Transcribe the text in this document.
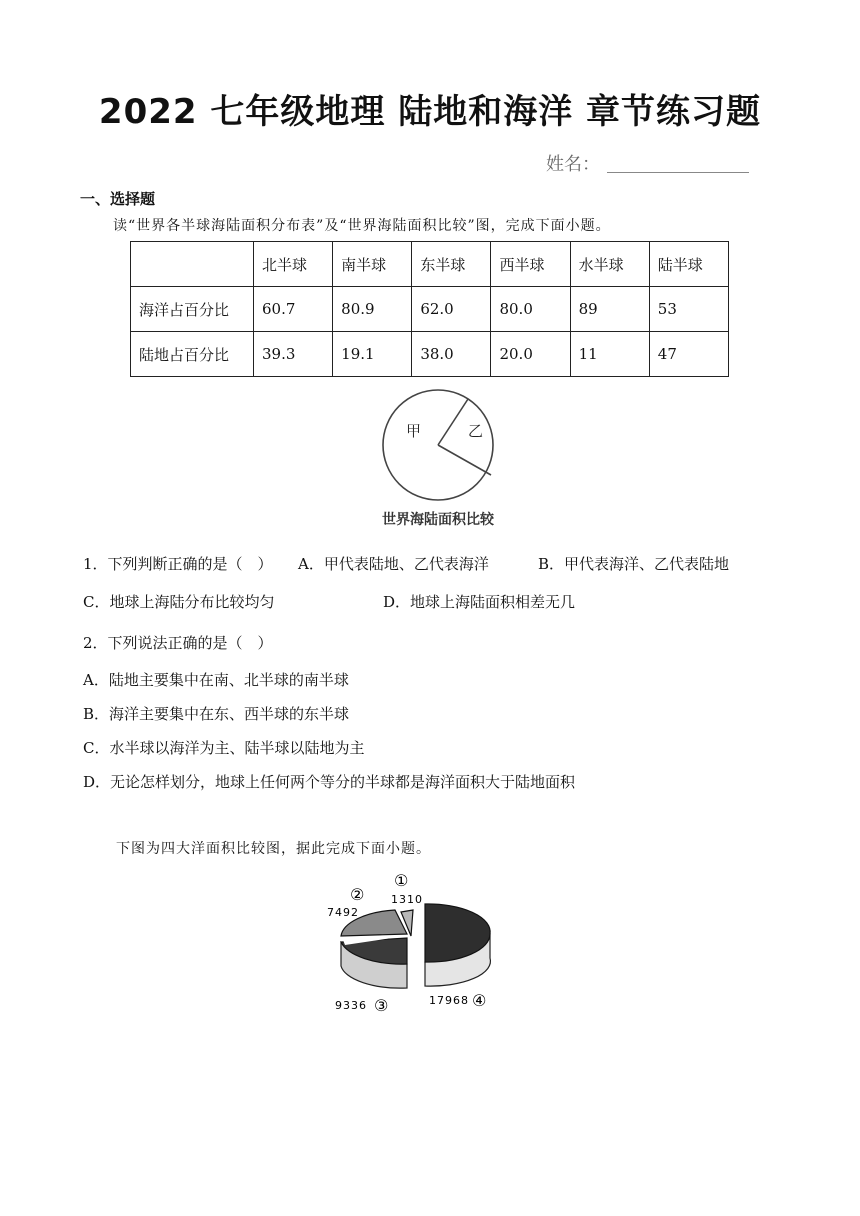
2022 七年级地理 陆地和海洋 章节练习题
姓名：
一、选择题
读“世界各半球海陆面积分布表”及“世界海陆面积比较”图，完成下面小题。
	北半球	南半球	东半球	西半球	水半球	陆半球
海洋占百分比	60.7	80.9	62.0	80.0	89	53
陆地占百分比	39.3	19.1	38.0	20.0	11	47
甲	乙
世界海陆面积比较
1．下列判断正确的是（　） A．甲代表陆地、乙代表海洋	B．甲代表海洋、乙代表陆地
C．地球上海陆分布比较均匀	D．地球上海陆面积相差无几
2．下列说法正确的是（　）
A．陆地主要集中在南、北半球的南半球
B．海洋主要集中在东、西半球的东半球
C．水半球以海洋为主、陆半球以陆地为主
D．无论怎样划分，地球上任何两个等分的半球都是海洋面积大于陆地面积
下图为四大洋面积比较图，据此完成下面小题。
①
1310
②
7492
9336 ③	17968 ④
